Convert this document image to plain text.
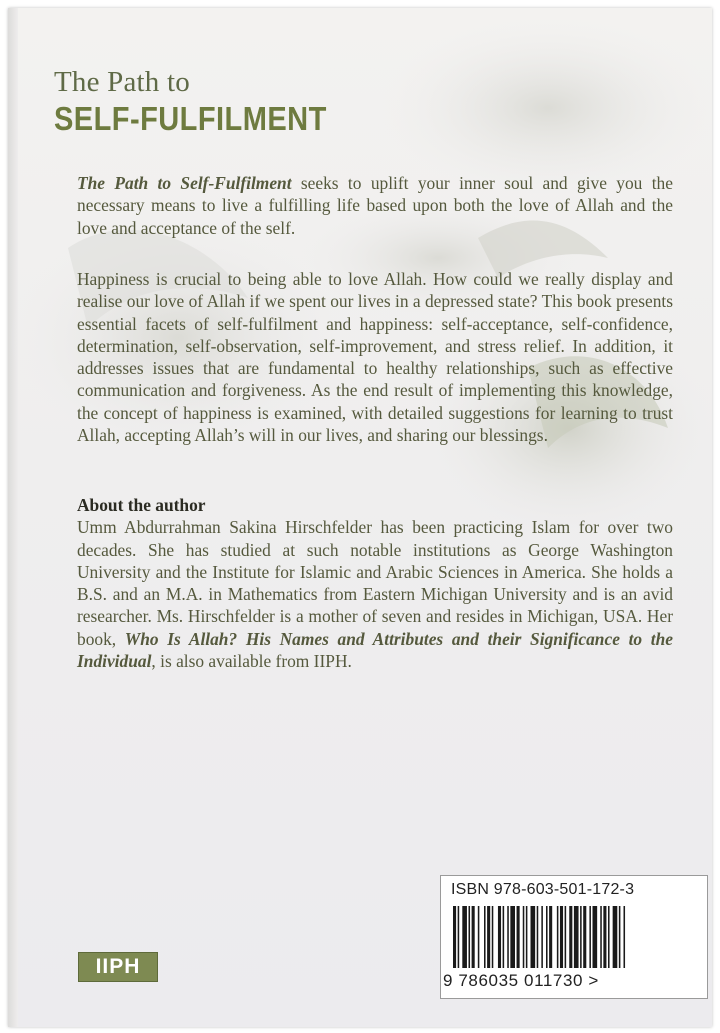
The Path to
SELF-FULFILMENT

The Path to Self-Fulfilment seeks to uplift your inner soul and give you the necessary means to live a fulfilling life based upon both the love of Allah and the love and acceptance of the self.

Happiness is crucial to being able to love Allah. How could we really display and realise our love of Allah if we spent our lives in a depressed state? This book presents essential facets of self-fulfilment and happiness: self-acceptance, self-confidence, determination, self-observation, self-improvement, and stress relief. In addition, it addresses issues that are fundamental to healthy relationships, such as effective communication and forgiveness. As the end result of implementing this knowledge, the concept of happiness is examined, with detailed suggestions for learning to trust Allah, accepting Allah’s will in our lives, and sharing our blessings.

About the author
Umm Abdurrahman Sakina Hirschfelder has been practicing Islam for over two decades. She has studied at such notable institutions as George Washington University and the Institute for Islamic and Arabic Sciences in America. She holds a B.S. and an M.A. in Mathematics from Eastern Michigan University and is an avid researcher. Ms. Hirschfelder is a mother of seven and resides in Michigan, USA. Her book, Who Is Allah? His Names and Attributes and their Significance to the Individual, is also available from IIPH.

ISBN 978-603-501-172-3
9 786035 011730 >
IIPH
